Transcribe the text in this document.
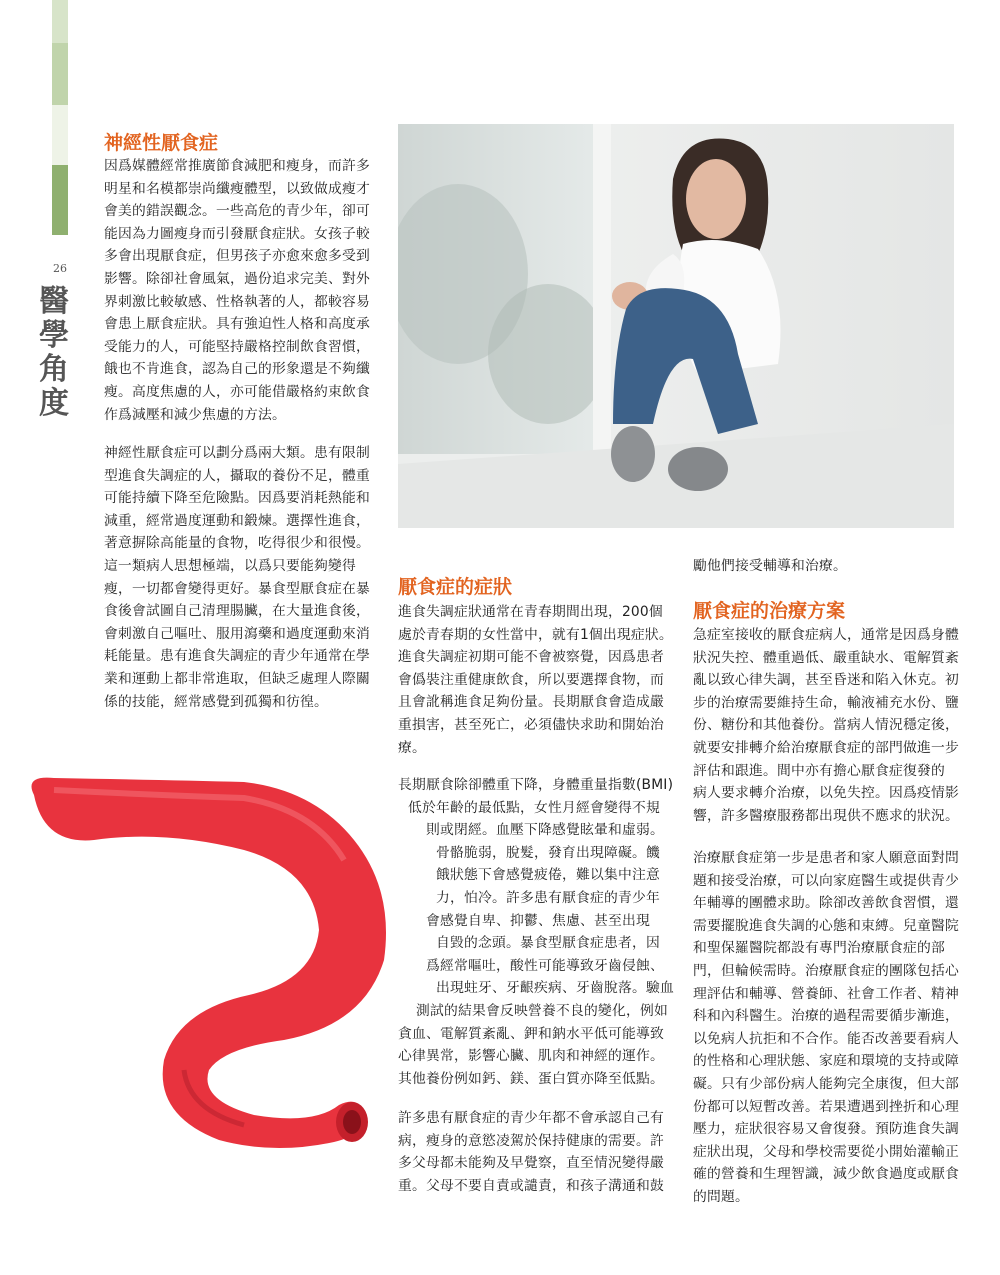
26
醫
學
角
度
神經性厭食症
因爲媒體經常推廣節食減肥和瘦身，而許多
明星和名模都崇尚纖瘦體型，以致做成瘦才
會美的錯誤觀念。一些高危的青少年，卻可
能因為力圖瘦身而引發厭食症狀。女孩子較
多會出現厭食症，但男孩子亦愈來愈多受到
影響。除卻社會風氣，過份追求完美、對外
界刺激比較敏感、性格執著的人，都較容易
會患上厭食症狀。具有強迫性人格和高度承
受能力的人，可能堅持嚴格控制飲食習慣，
餓也不肯進食，認為自己的形象還是不夠纖
瘦。高度焦慮的人，亦可能借嚴格約束飲食
作爲減壓和減少焦慮的方法。
神經性厭食症可以劃分爲兩大類。患有限制
型進食失調症的人，攝取的養份不足，體重
可能持續下降至危險點。因爲要消耗熱能和
減重，經常過度運動和鍛煉。選擇性進食，
著意摒除高能量的食物，吃得很少和很慢。
這一類病人思想極端，以爲只要能夠變得
瘦，一切都會變得更好。暴食型厭食症在暴
食後會試圖自己清理腸臟，在大量進食後，
會刺激自己嘔吐、服用瀉藥和過度運動來消
耗能量。患有進食失調症的青少年通常在學
業和運動上都非常進取，但缺乏處理人際關
係的技能，經常感覺到孤獨和彷徨。
厭食症的症狀
進食失調症狀通常在青春期間出現，200個
處於青春期的女性當中，就有1個出現症狀。
進食失調症初期可能不會被察覺，因爲患者
會僞裝注重健康飲食，所以要選擇食物，而
且會訛稱進食足夠份量。長期厭食會造成嚴
重損害，甚至死亡，必須儘快求助和開始治
療。
長期厭食除卻體重下降，身體重量指數(BMI)
低於年齡的最低點，女性月經會變得不規
則或閉經。血壓下降感覺眩暈和虛弱。
骨骼脆弱，脫髮，發育出現障礙。饑
餓狀態下會感覺疲倦，難以集中注意
力，怕冷。許多患有厭食症的青少年
會感覺自卑、抑鬱、焦慮、甚至出現
自毀的念頭。暴食型厭食症患者，因
爲經常嘔吐，酸性可能導致牙齒侵蝕、
出現蛀牙、牙齦疾病、牙齒脫落。驗血
測試的結果會反映營養不良的變化，例如
貪血、電解質紊亂、鉀和鈉水平低可能導致
心律異常，影響心臟、肌肉和神經的運作。
其他養份例如鈣、鎂、蛋白質亦降至低點。
許多患有厭食症的青少年都不會承認自己有
病，瘦身的意慾凌駕於保持健康的需要。許
多父母都未能夠及早覺察，直至情況變得嚴
重。父母不要自責或譴責，和孩子溝通和鼓
勵他們接受輔導和治療。
厭食症的治療方案
急症室接收的厭食症病人，通常是因爲身體
狀況失控、體重過低、嚴重缺水、電解質紊
亂以致心律失調，甚至昏迷和陷入休克。初
步的治療需要維持生命，輸液補充水份、鹽
份、糖份和其他養份。當病人情況穩定後，
就要安排轉介給治療厭食症的部門做進一步
評估和跟進。間中亦有擔心厭食症復發的
病人要求轉介治療，以免失控。因爲疫情影
響，許多醫療服務都出現供不應求的狀況。
治療厭食症第一步是患者和家人願意面對問
題和接受治療，可以向家庭醫生或提供青少
年輔導的團體求助。除卻改善飲食習慣，還
需要擺脫進食失調的心態和束縛。兒童醫院
和聖保羅醫院都設有專門治療厭食症的部
門，但輪候需時。治療厭食症的團隊包括心
理評估和輔導、營養師、社會工作者、精神
科和內科醫生。治療的過程需要循步漸進，
以免病人抗拒和不合作。能否改善要看病人
的性格和心理狀態、家庭和環境的支持或障
礙。只有少部份病人能夠完全康復，但大部
份都可以短暫改善。若果遭遇到挫折和心理
壓力，症狀很容易又會復發。預防進食失調
症狀出現，父母和學校需要從小開始灌輸正
確的營養和生理智識，減少飲食過度或厭食
的問題。
